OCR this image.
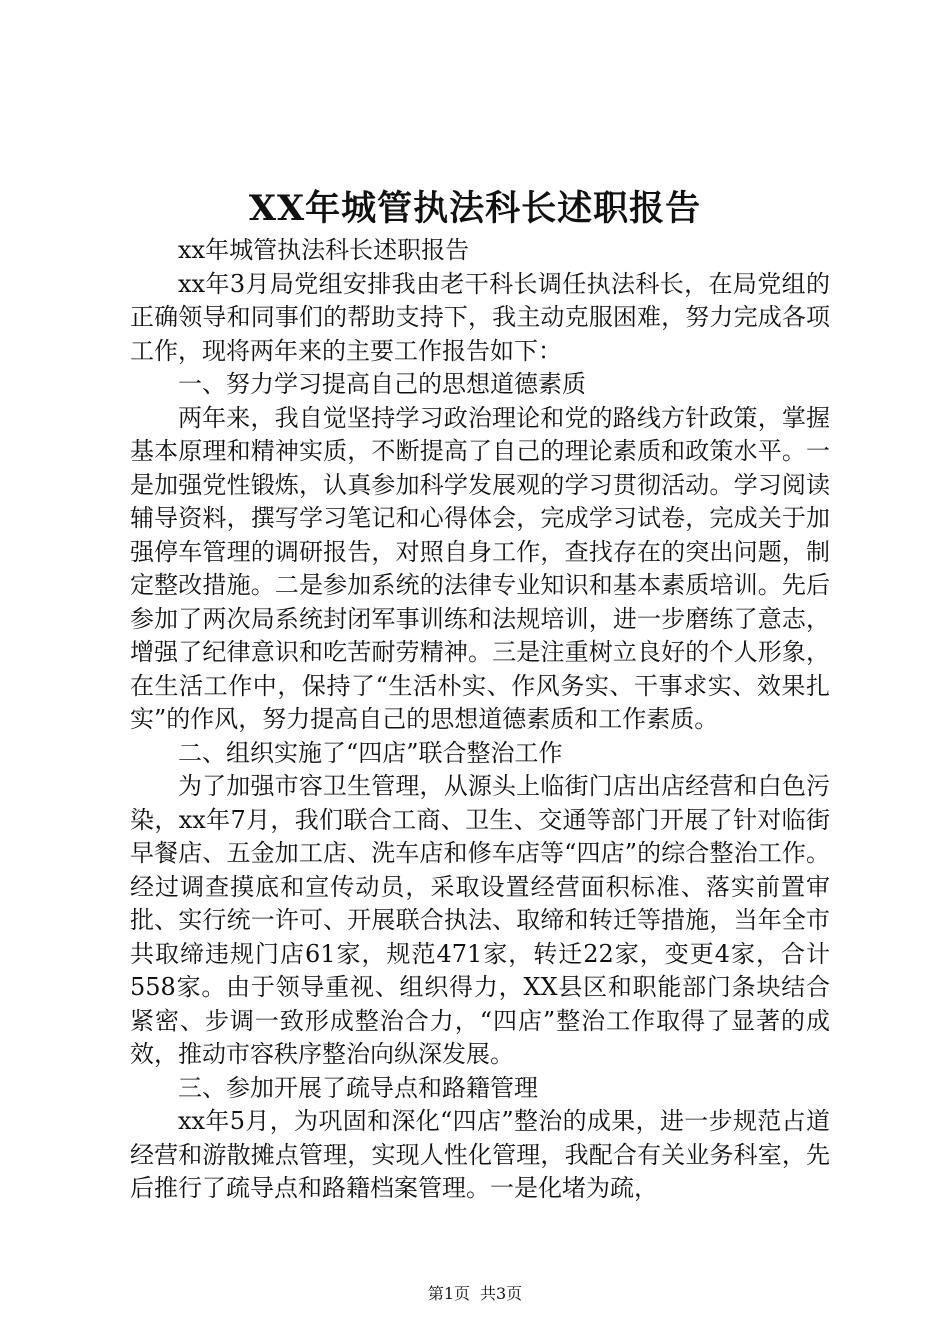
XX年城管执法科长述职报告

xx年城管执法科长述职报告

xx年3月局党组安排我由老干科长调任执法科长，在局党组的正确领导和同事们的帮助支持下，我主动克服困难，努力完成各项工作，现将两年来的主要工作报告如下：

一、努力学习提高自己的思想道德素质

两年来，我自觉坚持学习政治理论和党的路线方针政策，掌握基本原理和精神实质，不断提高了自己的理论素质和政策水平。一是加强党性锻炼，认真参加科学发展观的学习贯彻活动。学习阅读辅导资料，撰写学习笔记和心得体会，完成学习试卷，完成关于加强停车管理的调研报告，对照自身工作，查找存在的突出问题，制定整改措施。二是参加系统的法律专业知识和基本素质培训。先后参加了两次局系统封闭军事训练和法规培训，进一步磨练了意志，增强了纪律意识和吃苦耐劳精神。三是注重树立良好的个人形象，在生活工作中，保持了“生活朴实、作风务实、干事求实、效果扎实”的作风，努力提高自己的思想道德素质和工作素质。

二、组织实施了“四店”联合整治工作

为了加强市容卫生管理，从源头上临街门店出店经营和白色污染，xx年7月，我们联合工商、卫生、交通等部门开展了针对临街早餐店、五金加工店、洗车店和修车店等“四店”的综合整治工作。经过调查摸底和宣传动员，采取设置经营面积标准、落实前置审批、实行统一许可、开展联合执法、取缔和转迁等措施，当年全市共取缔违规门店61家，规范471家，转迁22家，变更4家，合计558家。由于领导重视、组织得力，XX县区和职能部门条块结合紧密、步调一致形成整治合力，“四店”整治工作取得了显著的成效，推动市容秩序整治向纵深发展。

三、参加开展了疏导点和路籍管理

xx年5月，为巩固和深化“四店”整治的成果，进一步规范占道经营和游散摊点管理，实现人性化管理，我配合有关业务科室，先后推行了疏导点和路籍档案管理。一是化堵为疏，

第1页 共3页
